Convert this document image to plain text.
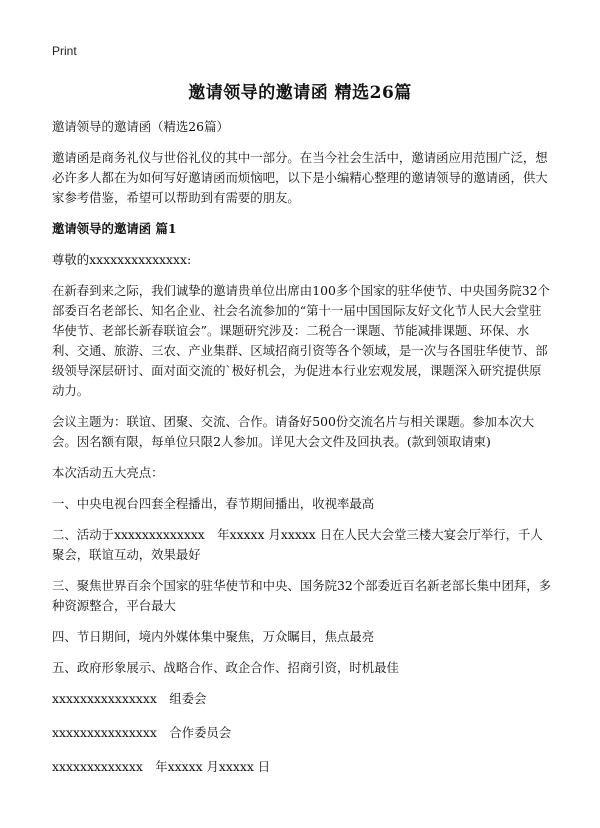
Print
邀请领导的邀请函 精选26篇

邀请领导的邀请函（精选26篇）

邀请函是商务礼仪与世俗礼仪的其中一部分。在当今社会生活中，邀请函应用范围广泛，想必许多人都在为如何写好邀请函而烦恼吧，以下是小编精心整理的邀请领导的邀请函，供大家参考借鉴，希望可以帮助到有需要的朋友。

邀请领导的邀请函 篇1

尊敬的xxxxxxxxxxxxxx:

在新春到来之际，我们诚挚的邀请贵单位出席由100多个国家的驻华使节、中央国务院32个部委百名老部长、知名企业、社会名流参加的“第十一届中国国际友好文化节人民大会堂驻华使节、老部长新春联谊会”。课题研究涉及：二税合一课题、节能减排课题、环保、水利、交通、旅游、三农、产业集群、区域招商引资等各个领域，是一次与各国驻华使节、部级领导深层研讨、面对面交流的`极好机会，为促进本行业宏观发展，课题深入研究提供原动力。

会议主题为：联谊、团聚、交流、合作。请备好500份交流名片与相关课题。参加本次大会。因名额有限，每单位只限2人参加。详见大会文件及回执表。(款到领取请柬)

本次活动五大亮点：

一、中央电视台四套全程播出，春节期间播出，收视率最高

二、活动于xxxxxxxxxxxxx　年xxxxx 月xxxxx 日在人民大会堂三楼大宴会厅举行，千人聚会，联谊互动，效果最好

三、聚焦世界百余个国家的驻华使节和中央、国务院32个部委近百名新老部长集中团拜，多种资源整合，平台最大

四、节日期间，境内外媒体集中聚焦，万众瞩目，焦点最亮

五、政府形象展示、战略合作、政企合作、招商引资，时机最佳

xxxxxxxxxxxxxxx　组委会

xxxxxxxxxxxxxxx　合作委员会

xxxxxxxxxxxxx　年xxxxx 月xxxxx 日
